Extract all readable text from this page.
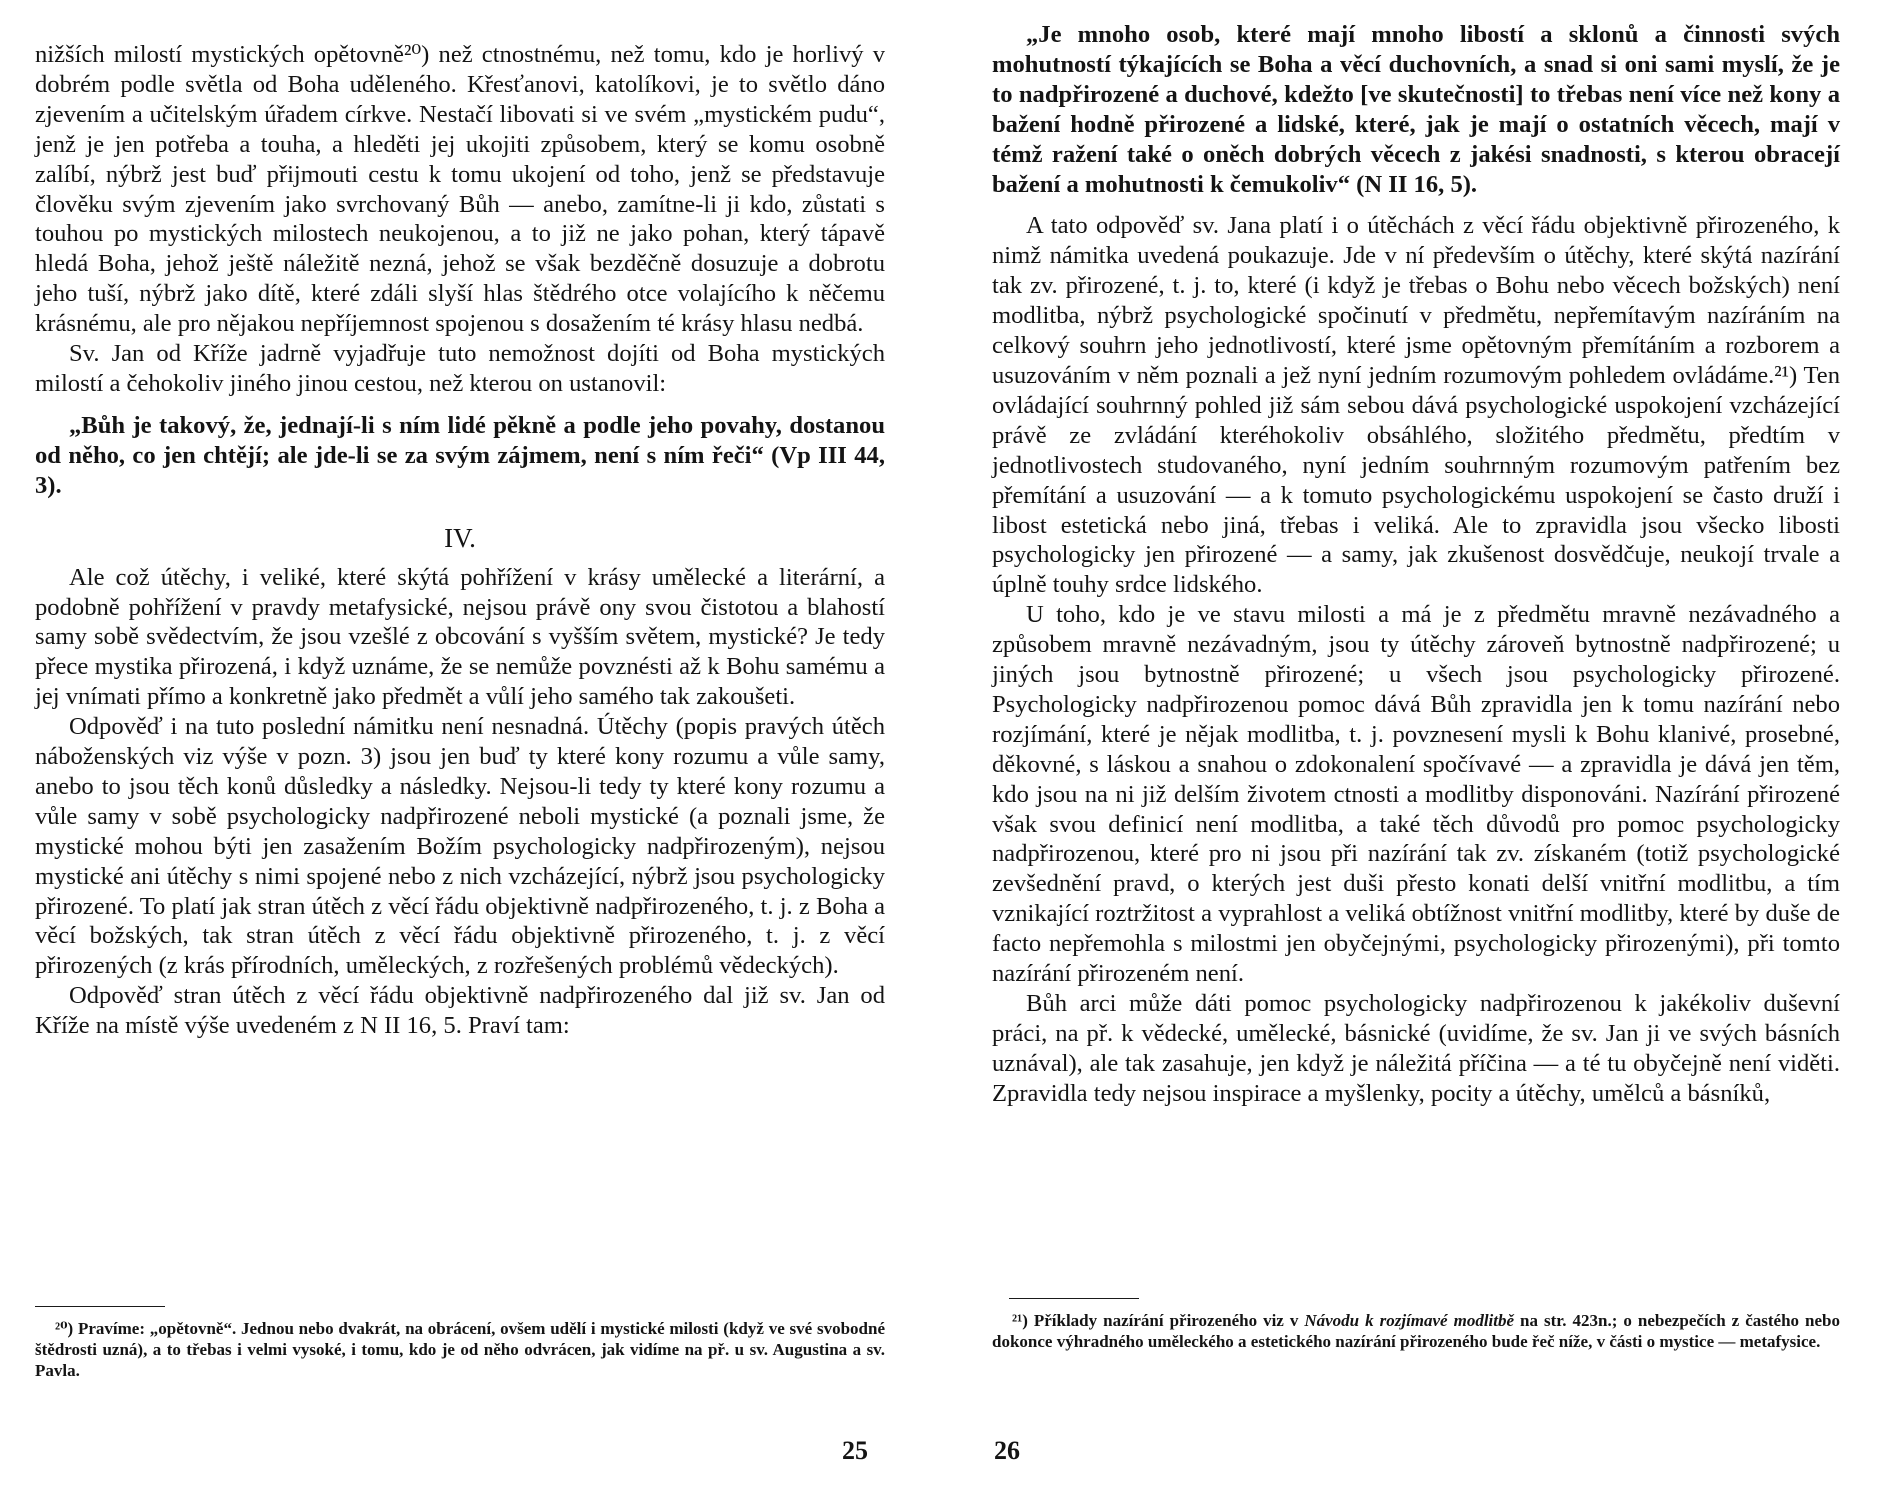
nižších milostí mystických opětovně²⁰) než ctnostnému, než tomu, kdo je horlivý v dobrém podle světla od Boha uděleného. Křesťanovi, katolíkovi, je to světlo dáno zjevením a učitelským úřadem církve. Nestačí libovati si ve svém „mystickém pudu“, jenž je jen potřeba a touha, a hleděti jej ukojiti způsobem, který se komu osobně zalíbí, nýbrž jest buď přijmouti cestu k tomu ukojení od toho, jenž se představuje člověku svým zjevením jako svrchovaný Bůh — anebo, zamítne-li ji kdo, zůstati s touhou po mystických milostech neukojenou, a to již ne jako pohan, který tápavě hledá Boha, jehož ještě náležitě nezná, jehož se však bezděčně dosuzuje a dobrotu jeho tuší, nýbrž jako dítě, které zdáli slyší hlas štědrého otce volajícího k něčemu krásnému, ale pro nějakou nepříjemnost spojenou s dosažením té krásy hlasu nedbá.

Sv. Jan od Kříže jadrně vyjadřuje tuto nemožnost dojíti od Boha mystických milostí a čehokoliv jiného jinou cestou, než kterou on ustanovil:

„Bůh je takový, že, jednají-li s ním lidé pěkně a podle jeho povahy, dostanou od něho, co jen chtějí; ale jde-li se za svým zájmem, není s ním řeči“ (Vp III 44, 3).

IV.

Ale což útěchy, i veliké, které skýtá pohřížení v krásy umělecké a literární, a podobně pohřížení v pravdy metafysické, nejsou právě ony svou čistotou a blahostí samy sobě svědectvím, že jsou vzešlé z obcování s vyšším světem, mystické? Je tedy přece mystika přirozená, i když uznáme, že se nemůže povznésti až k Bohu samému a jej vnímati přímo a konkretně jako předmět a vůlí jeho samého tak zakoušeti.

Odpověď i na tuto poslední námitku není nesnadná. Útěchy (popis pravých útěch náboženských viz výše v pozn. 3) jsou jen buď ty které kony rozumu a vůle samy, anebo to jsou těch konů důsledky a následky. Nejsou-li tedy ty které kony rozumu a vůle samy v sobě psychologicky nadpřirozené neboli mystické (a poznali jsme, že mystické mohou býti jen zasažením Božím psychologicky nadpřirozeným), nejsou mystické ani útěchy s nimi spojené nebo z nich vzcházející, nýbrž jsou psychologicky přirozené. To platí jak stran útěch z věcí řádu objektivně nadpřirozeného, t. j. z Boha a věcí božských, tak stran útěch z věcí řádu objektivně přirozeného, t. j. z věcí přirozených (z krás přírodních, uměleckých, z rozřešených problémů vědeckých).

Odpověď stran útěch z věcí řádu objektivně nadpřirozeného dal již sv. Jan od Kříže na místě výše uvedeném z N II 16, 5. Praví tam:

²⁰) Pravíme: „opětovně“. Jednou nebo dvakrát, na obrácení, ovšem udělí i mystické milosti (když ve své svobodné štědrosti uzná), a to třebas i velmi vysoké, i tomu, kdo je od něho odvrácen, jak vidíme na př. u sv. Augustina a sv. Pavla.

25

„Je mnoho osob, které mají mnoho libostí a sklonů a činnosti svých mohutností týkajících se Boha a věcí duchovních, a snad si oni sami myslí, že je to nadpřirozené a duchové, kdežto [ve skutečnosti] to třebas není více než kony a bažení hodně přirozené a lidské, které, jak je mají o ostatních věcech, mají v témž ražení také o oněch dobrých věcech z jakési snadnosti, s kterou obracejí bažení a mohutnosti k čemukoliv“ (N II 16, 5).

A tato odpověď sv. Jana platí i o útěchách z věcí řádu objektivně přirozeného, k nimž námitka uvedená poukazuje. Jde v ní především o útěchy, které skýtá nazírání tak zv. přirozené, t. j. to, které (i když je třebas o Bohu nebo věcech božských) není modlitba, nýbrž psychologické spočinutí v předmětu, nepřemítavým nazíráním na celkový souhrn jeho jednotlivostí, které jsme opětovným přemítáním a rozborem a usuzováním v něm poznali a jež nyní jedním rozumovým pohledem ovládáme.²¹) Ten ovládající souhrnný pohled již sám sebou dává psychologické uspokojení vzcházející právě ze zvládání kteréhokoliv obsáhlého, složitého předmětu, předtím v jednotlivostech studovaného, nyní jedním souhrnným rozumovým patřením bez přemítání a usuzování — a k tomuto psychologickému uspokojení se často druží i libost estetická nebo jiná, třebas i veliká. Ale to zpravidla jsou všecko libosti psychologicky jen přirozené — a samy, jak zkušenost dosvědčuje, neukojí trvale a úplně touhy srdce lidského.

U toho, kdo je ve stavu milosti a má je z předmětu mravně nezávadného a způsobem mravně nezávadným, jsou ty útěchy zároveň bytnostně nadpřirozené; u jiných jsou bytnostně přirozené; u všech jsou psychologicky přirozené. Psychologicky nadpřirozenou pomoc dává Bůh zpravidla jen k tomu nazírání nebo rozjímání, které je nějak modlitba, t. j. povznesení mysli k Bohu klanivé, prosebné, děkovné, s láskou a snahou o zdokonalení spočívavé — a zpravidla je dává jen těm, kdo jsou na ni již delším životem ctnosti a modlitby disponováni. Nazírání přirozené však svou definicí není modlitba, a také těch důvodů pro pomoc psychologicky nadpřirozenou, které pro ni jsou při nazírání tak zv. získaném (totiž psychologické zevšednění pravd, o kterých jest duši přesto konati delší vnitřní modlitbu, a tím vznikající roztržitost a vyprahlost a veliká obtížnost vnitřní modlitby, které by duše de facto nepřemohla s milostmi jen obyčejnými, psychologicky přirozenými), při tomto nazírání přirozeném není.

Bůh arci může dáti pomoc psychologicky nadpřirozenou k jakékoliv duševní práci, na př. k vědecké, umělecké, básnické (uvidíme, že sv. Jan ji ve svých básních uznával), ale tak zasahuje, jen když je náležitá příčina — a té tu obyčejně není viděti. Zpravidla tedy nejsou inspirace a myšlenky, pocity a útěchy, umělců a básníků,

²¹) Příklady nazírání přirozeného viz v Návodu k rozjímavé modlitbě na str. 423n.; o nebezpečích z častého nebo dokonce výhradného uměleckého a estetického nazírání přirozeného bude řeč níže, v části o mystice — metafysice.

26
